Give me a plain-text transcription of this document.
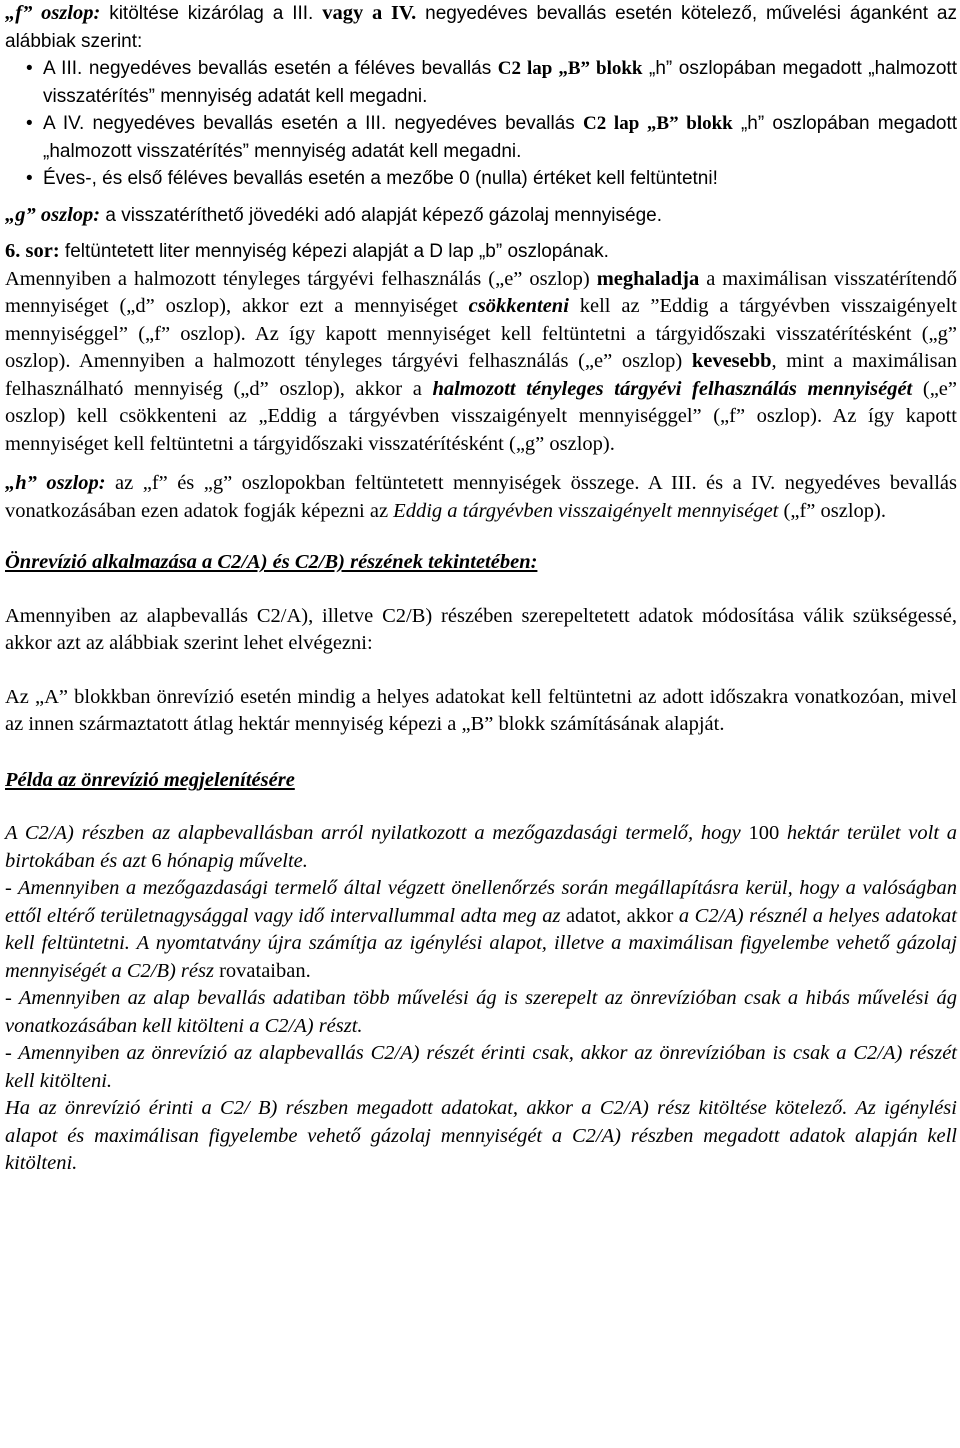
„f” oszlop: kitöltése kizárólag a III. vagy a IV. negyedéves bevallás esetén kötelező, művelési áganként az alábbiak szerint:

• A III. negyedéves bevallás esetén a féléves bevallás C2 lap „B” blokk „h” oszlopában megadott „halmozott visszatérítés” mennyiség adatát kell megadni.
• A IV. negyedéves bevallás esetén a III. negyedéves bevallás C2 lap „B” blokk „h” oszlopában megadott „halmozott visszatérítés” mennyiség adatát kell megadni.
• Éves-, és első féléves bevallás esetén a mezőbe 0 (nulla) értéket kell feltüntetni!

„g” oszlop: a visszatéríthető jövedéki adó alapját képező gázolaj mennyisége.

6. sor: feltüntetett liter mennyiség képezi alapját a D lap „b” oszlopának.

Amennyiben a halmozott tényleges tárgyévi felhasználás („e” oszlop) meghaladja a maximálisan visszatérítendő mennyiséget („d” oszlop), akkor ezt a mennyiséget csökkenteni kell az ”Eddig a tárgyévben visszaigényelt mennyiséggel” („f” oszlop). Az így kapott mennyiséget kell feltüntetni a tárgyidőszaki visszatérítésként („g” oszlop). Amennyiben a halmozott tényleges tárgyévi felhasználás („e” oszlop) kevesebb, mint a maximálisan felhasználható mennyiség („d” oszlop), akkor a halmozott tényleges tárgyévi felhasználás mennyiségét („e” oszlop) kell csökkenteni az „Eddig a tárgyévben visszaigényelt mennyiséggel” („f” oszlop). Az így kapott mennyiséget kell feltüntetni a tárgyidőszaki visszatérítésként („g” oszlop).

„h” oszlop: az „f” és „g” oszlopokban feltüntetett mennyiségek összege. A III. és a IV. negyedéves bevallás vonatkozásában ezen adatok fogják képezni az Eddig a tárgyévben visszaigényelt mennyiséget („f” oszlop).

Önrevízió alkalmazása a C2/A) és C2/B) részének tekintetében:

Amennyiben az alapbevallás C2/A), illetve C2/B) részében szerepeltetett adatok módosítása válik szükségessé, akkor azt az alábbiak szerint lehet elvégezni:

Az „A” blokkban önrevízió esetén mindig a helyes adatokat kell feltüntetni az adott időszakra vonatkozóan, mivel az innen származtatott átlag hektár mennyiség képezi a „B” blokk számításának alapját.

Példa az önrevízió megjelenítésére

A C2/A) részben az alapbevallásban arról nyilatkozott a mezőgazdasági termelő, hogy 100 hektár terület volt a birtokában és azt 6 hónapig művelte.

- Amennyiben a mezőgazdasági termelő által végzett önellenőrzés során megállapításra kerül, hogy a valóságban ettől eltérő területnagysággal vagy idő intervallummal adta meg az adatot, akkor a C2/A) résznél a helyes adatokat kell feltüntetni. A nyomtatvány újra számítja az igénylési alapot, illetve a maximálisan figyelembe vehető gázolaj mennyiségét a C2/B) rész rovataiban.

- Amennyiben az alap bevallás adatiban több művelési ág is szerepelt az önrevízióban csak a hibás művelési ág vonatkozásában kell kitölteni a C2/A) részt.

- Amennyiben az önrevízió az alapbevallás C2/A) részét érinti csak, akkor az önrevízióban is csak a C2/A) részét kell kitölteni.

Ha az önrevízió érinti a C2/ B) részben megadott adatokat, akkor a C2/A) rész kitöltése kötelező. Az igénylési alapot és maximálisan figyelembe vehető gázolaj mennyiségét a C2/A) részben megadott adatok alapján kell kitölteni.
